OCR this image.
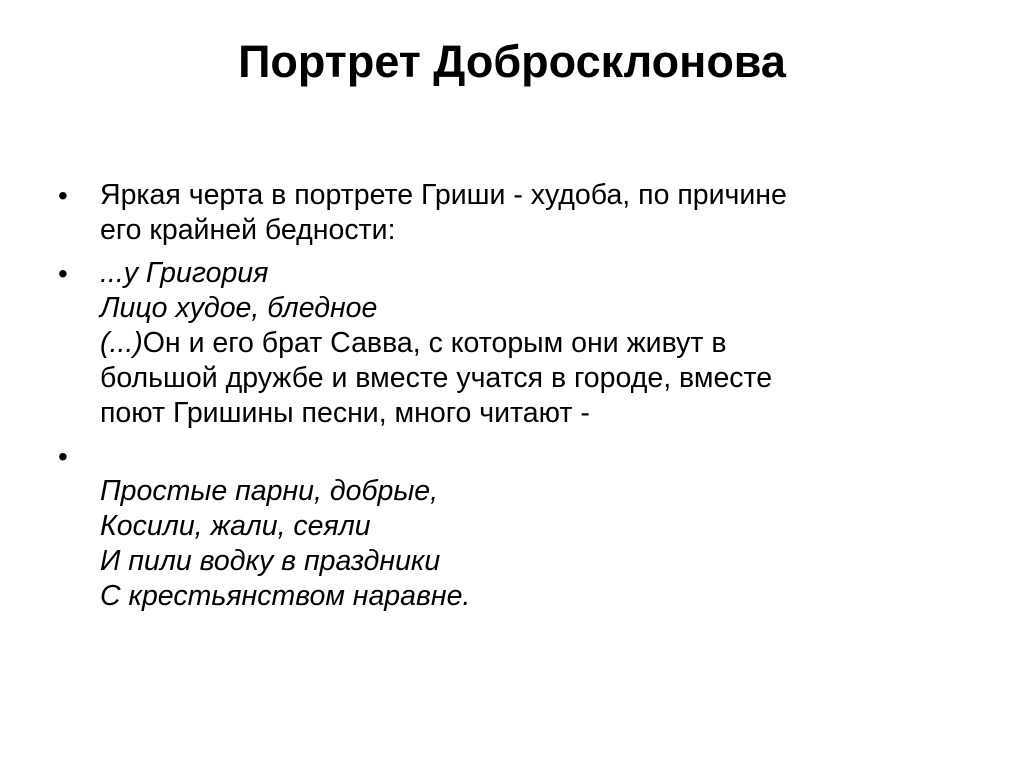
Портрет Добросклонова
•	Яркая черта в портрете Гриши - худоба, по причине
его крайней бедности:
•	...у Григория
Лицо худое, бледное
(...)Он и его брат Савва, с которым они живут в
большой дружбе и вместе учатся в городе, вместе
поют Гришины песни, много читают -
•
Простые парни, добрые,
Косили, жали, сеяли
И пили водку в праздники
С крестьянством наравне.
